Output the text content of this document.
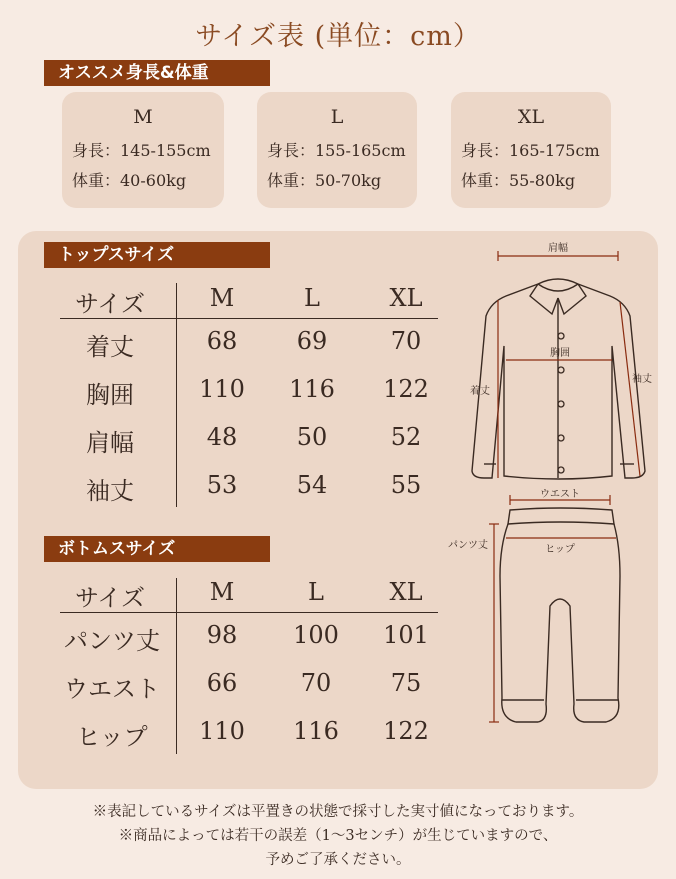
サイズ表 (単位：cm）
オススメ身長&体重
M
身長：145-155cm
体重：40-60kg
L
身長：155-165cm
体重：50-70kg
XL
身長：165-175cm
体重：55-80kg
トップスサイズ
サイズ	M	L	XL
着丈	68	69	70
胸囲	110	116	122
肩幅	48	50	52
袖丈	53	54	55
ボトムスサイズ
サイズ	M	L	XL
パンツ丈	98	100	101
ウエスト	66	70	75
ヒップ	110	116	122
肩幅
胸囲
着丈
袖丈
ウエスト
ヒップ
パンツ丈
※表記しているサイズは平置きの状態で採寸した実寸値になっております。
※商品によっては若干の誤差（1～3センチ）が生じていますので、
予めご了承ください。
